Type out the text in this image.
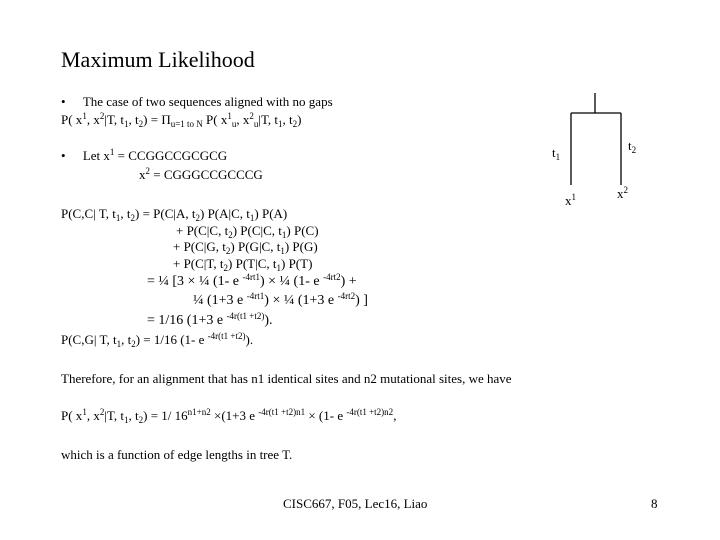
Maximum Likelihood
• The case of two sequences aligned with no gaps
P( $x^1$, $x^2|T$, $t_1$, $t_2) = \Pi_{u=1 to N}$ P( $x^1_u$, $x^2_u|T$, $t_1$, $t_2$)
• Let $x^1$ = CCGGCCGCGCG
$x^2$ = CGGGCCGCCCG
$t_1$
$t_2$
$x^1$	$x^2$
P(C,C| T, $t_1$, $t_2) = P(C|A$, $t_2$) P(A|C, $t_1$) P(A)
+ P(C|C, $t_2$) P(C|C, $t_1$) P(C)
+ P(C|G, $t_2$) P(G|C, $t_1$) P(G)
+ P(C|T, $t_2$) P(T|C, $t_1$) P(T)
= ¼ [3 × ¼ (1- e $^{-4rt1}$) × ¼ (1- e $^{-4rt2}$) +
¼ (1+3 e $^{-4rt1}$) × ¼ (1+3 e $^{-4rt2}$) ]
= 1/16 (1+3 e $^{-4r(t1 +t2)}$).
P(C,G| T, $t_1$, $t_2) = 1/16$ (1- e $^{-4r(t1 +t2)}$).
Therefore, for an alignment that has n1 identical sites and n2 mutational sites, we have
P( $x^1$, $x^2|T$, $t_1$, $t_2) = 1/$ $16^{n1+n2} \times(1+3$ e $^{-4r(t1 +t2)n1}$ × (1- e $^{-4r(t1 +t2)n2}$,
which is a function of edge lengths in tree T.
CISC667, F05, Lec16, Liao	8
